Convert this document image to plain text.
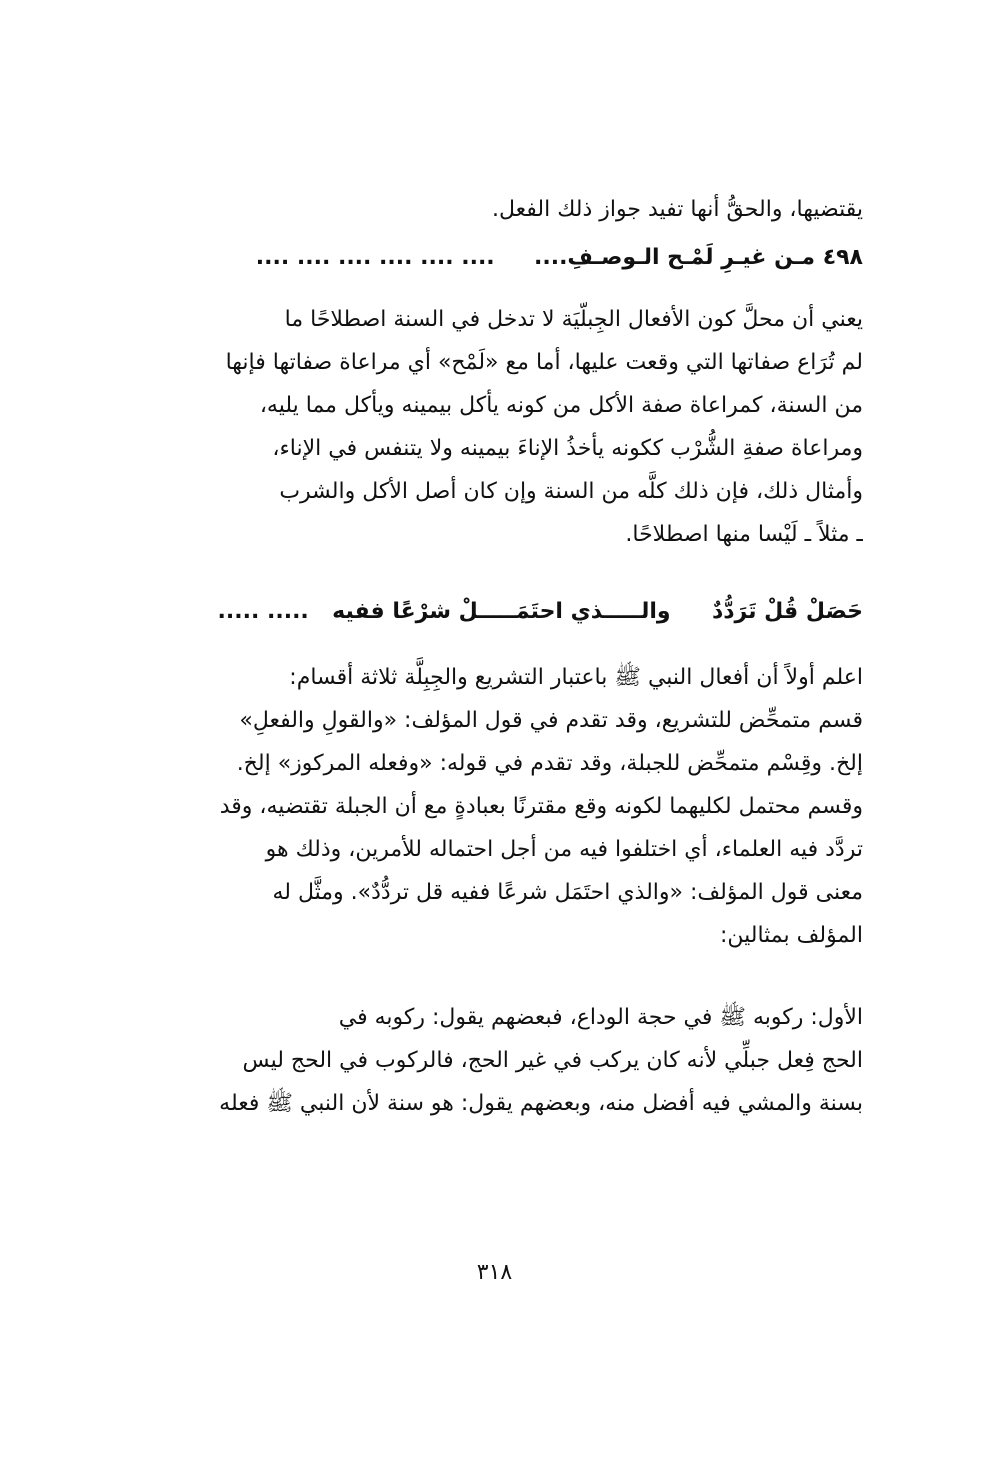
يقتضيها، والحقُّ أنها تفيد جواز ذلك الفعل.
٤٩٨ مـن غيـرِ لَمْـح الـوصـفِ....  .... .... .... .... .... ....
يعني أن محلَّ كون الأفعال الجِبلّيَة لا تدخل في السنة اصطلاحًا ما
لم تُرَاع صفاتها التي وقعت عليها، أما مع «لَمْح» أي مراعاة صفاتها فإنها
من السنة، كمراعاة صفة الأكل من كونه يأكل بيمينه ويأكل مما يليه،
ومراعاة صفةِ الشُّرْب ككونه يأخذُ الإناءَ بيمينه ولا يتنفس في الإناء،
وأمثال ذلك، فإن ذلك كلَّه من السنة وإن كان أصل الأكل والشرب
ـ مثلاً ـ لَيْسا منها اصطلاحًا.
حَصَلْ قُلْ تَرَدُّدٌ  والـــــذي احتَمَـــــلْ شرْعًا ففيه  ..... .....
اعلم أولاً أن أفعال النبي ﷺ باعتبار التشريع والجِبِلَّة ثلاثة أقسام:
قسم متمحِّض للتشريع، وقد تقدم في قول المؤلف: «والقولِ والفعلِ»
إلخ. وقِسْم متمحِّض للجبلة، وقد تقدم في قوله: «وفعله المركوز» إلخ.
وقسم محتمل لكليهما لكونه وقع مقترنًا بعبادةٍ مع أن الجبلة تقتضيه، وقد
تردَّد فيه العلماء، أي اختلفوا فيه من أجل احتماله للأمرين، وذلك هو
معنى قول المؤلف: «والذي احتَمَل شرعًا ففيه قل تردُّدٌ». ومثَّل له
المؤلف بمثالين:
الأول: ركوبه ﷺ في حجة الوداع، فبعضهم يقول: ركوبه في
الحج فِعل جبلِّي لأنه كان يركب في غير الحج، فالركوب في الحج ليس
بسنة والمشي فيه أفضل منه، وبعضهم يقول: هو سنة لأن النبي ﷺ فعله
٣١٨
